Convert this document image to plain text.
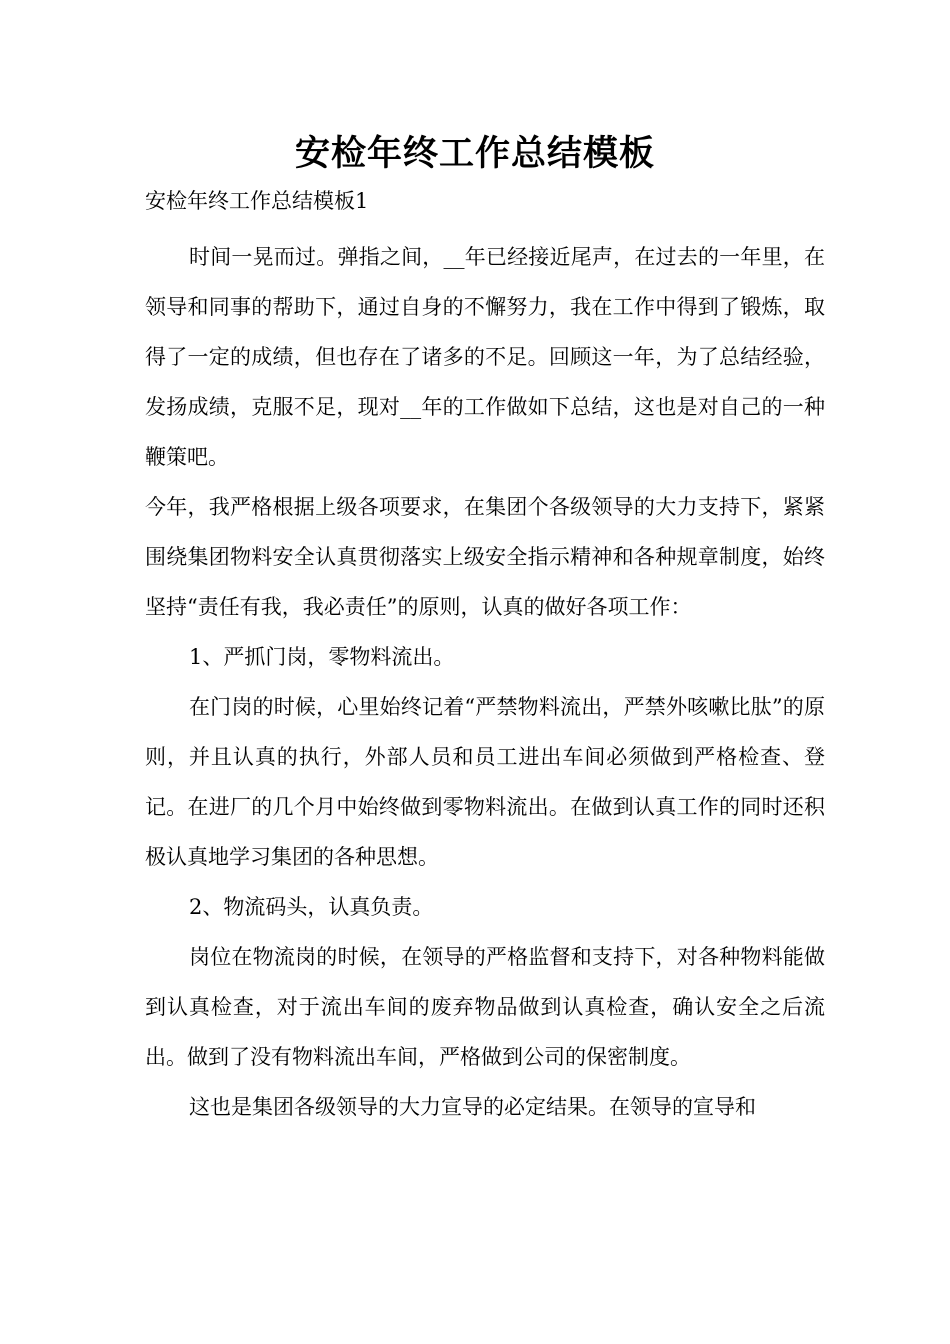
安检年终工作总结模板

安检年终工作总结模板1

时间一晃而过。弹指之间，__年已经接近尾声，在过去的一年里，在领导和同事的帮助下，通过自身的不懈努力，我在工作中得到了锻炼，取得了一定的成绩，但也存在了诸多的不足。回顾这一年，为了总结经验，发扬成绩，克服不足，现对__年的工作做如下总结，这也是对自己的一种鞭策吧。

今年，我严格根据上级各项要求，在集团个各级领导的大力支持下，紧紧围绕集团物料安全认真贯彻落实上级安全指示精神和各种规章制度，始终坚持“责任有我，我必责任”的原则，认真的做好各项工作：

1、严抓门岗，零物料流出。

在门岗的时候，心里始终记着“严禁物料流出，严禁外咳嗽比肽”的原则，并且认真的执行，外部人员和员工进出车间必须做到严格检查、登记。在进厂的几个月中始终做到零物料流出。在做到认真工作的同时还积极认真地学习集团的各种思想。

2、物流码头，认真负责。

岗位在物流岗的时候，在领导的严格监督和支持下，对各种物料能做到认真检查，对于流出车间的废弃物品做到认真检查，确认安全之后流出。做到了没有物料流出车间，严格做到公司的保密制度。

这也是集团各级领导的大力宣导的必定结果。在领导的宣导和
